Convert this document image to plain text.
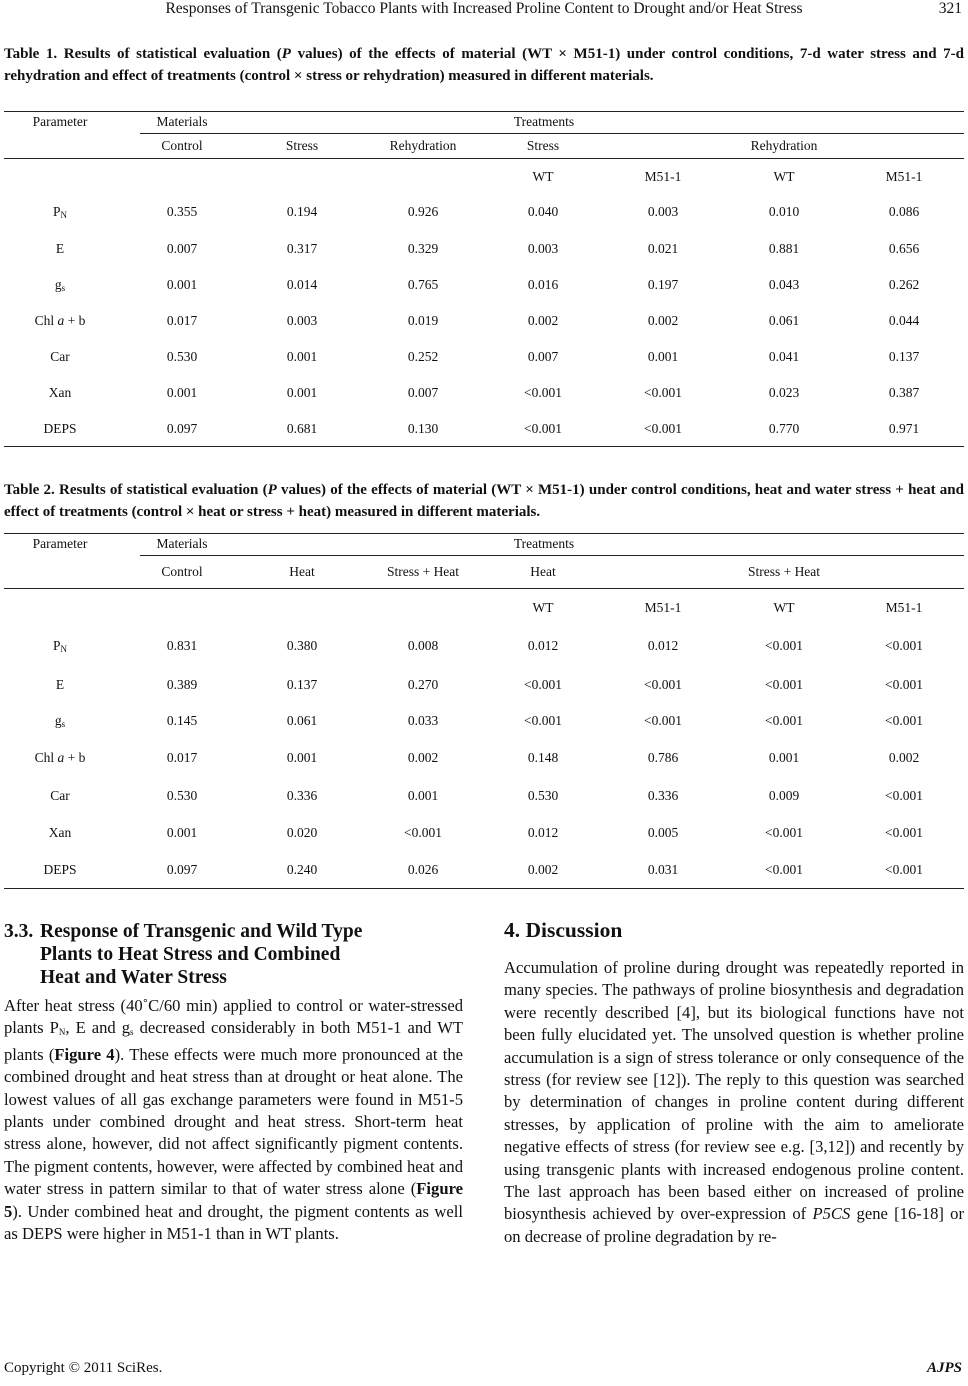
Responses of Transgenic Tobacco Plants with Increased Proline Content to Drought and/or Heat Stress	321
Table 1. Results of statistical evaluation (P values) of the effects of material (WT × M51-1) under control conditions, 7-d water stress and 7-d rehydration and effect of treatments (control × stress or rehydration) measured in different materials.
Parameter	Materials	Treatments
Control	Stress	Rehydration	Stress	Rehydration
WT	M51-1	WT	M51-1
$P_N$	0.355	0.194	0.926	0.040	0.003	0.010	0.086
E	0.007	0.317	0.329	0.003	0.021	0.881	0.656
$g_s$	0.001	0.014	0.765	0.016	0.197	0.043	0.262
Chl a + b	0.017	0.003	0.019	0.002	0.002	0.061	0.044
Car	0.530	0.001	0.252	0.007	0.001	0.041	0.137
Xan	0.001	0.001	0.007	<0.001	<0.001	0.023	0.387
DEPS	0.097	0.681	0.130	<0.001	<0.001	0.770	0.971
Table 2. Results of statistical evaluation (P values) of the effects of material (WT × M51-1) under control conditions, heat and water stress + heat and effect of treatments (control × heat or stress + heat) measured in different materials.
Parameter	Materials	Treatments
Control	Heat	Stress + Heat	Heat	Stress + Heat
WT	M51-1	WT	M51-1
$P_N$	0.831	0.380	0.008	0.012	0.012	<0.001	<0.001
E	0.389	0.137	0.270	<0.001	<0.001	<0.001	<0.001
$g_s$	0.145	0.061	0.033	<0.001	<0.001	<0.001	<0.001
Chl a + b	0.017	0.001	0.002	0.148	0.786	0.001	0.002
Car	0.530	0.336	0.001	0.530	0.336	0.009	<0.001
Xan	0.001	0.020	<0.001	0.012	0.005	<0.001	<0.001
DEPS	0.097	0.240	0.026	0.002	0.031	<0.001	<0.001
3.3. Response of Transgenic and Wild Type
Plants to Heat Stress and Combined
Heat and Water Stress
After heat stress (40˚C/60 min) applied to control or water-stressed plants $P_N$, E and $g_s$ decreased considerably in both M51-1 and WT plants (Figure 4). These effects were much more pronounced at the combined drought and heat stress than at drought or heat alone. The lowest values of all gas exchange parameters were found in M51-5 plants under combined drought and heat stress. Short-term heat stress alone, however, did not affect significantly pigment contents. The pigment contents, however, were affected by combined heat and water stress in pattern similar to that of water stress alone (Figure 5). Under combined heat and drought, the pigment contents as well as DEPS were higher in M51-1 than in WT plants.
4. Discussion
Accumulation of proline during drought was repeatedly reported in many species. The pathways of proline biosynthesis and degradation were recently described [4], but its biological functions have not been fully elucidated yet. The unsolved question is whether proline accumulation is a sign of stress tolerance or only consequence of the stress (for review see [12]). The reply to this question was searched by determination of changes in proline content during different stresses, by application of proline with the aim to ameliorate negative effects of stress (for review see e.g. [3,12]) and recently by using transgenic plants with increased endogenous proline content. The last approach has been based either on increased of proline biosynthesis achieved by over-expression of P5CS gene [16-18] or on decrease of proline degradation by re-
Copyright © 2011 SciRes.	AJPS
